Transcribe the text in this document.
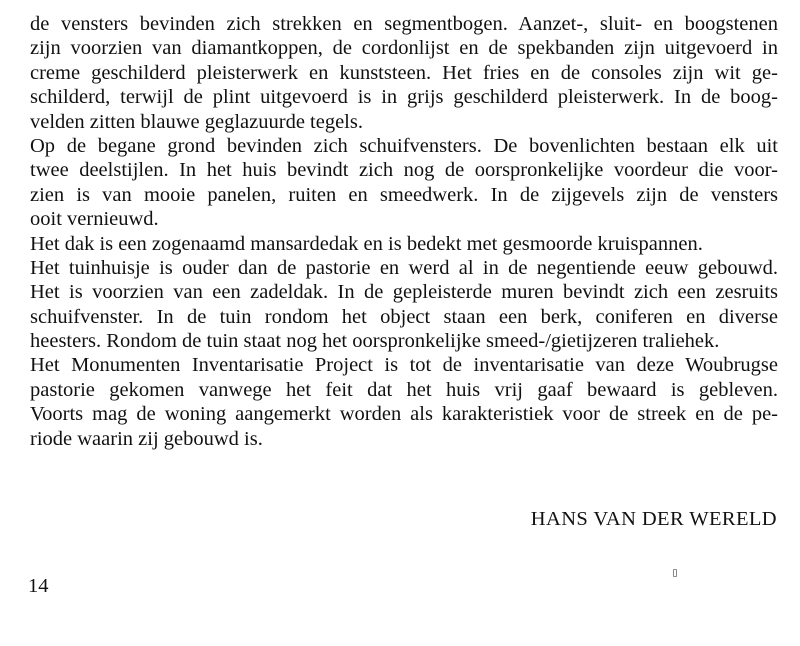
de vensters bevinden zich strekken en segmentbogen. Aanzet-, sluit- en boogstenen
zijn voorzien van diamantkoppen, de cordonlijst en de spekbanden zijn uitgevoerd in
creme geschilderd pleisterwerk en kunststeen. Het fries en de consoles zijn wit ge-
schilderd, terwijl de plint uitgevoerd is in grijs geschilderd pleisterwerk. In de boog-
velden zitten blauwe geglazuurde tegels.
Op de begane grond bevinden zich schuifvensters. De bovenlichten bestaan elk uit
twee deelstijlen. In het huis bevindt zich nog de oorspronkelijke voordeur die voor-
zien is van mooie panelen, ruiten en smeedwerk. In de zijgevels zijn de vensters
ooit vernieuwd.
Het dak is een zogenaamd mansardedak en is bedekt met gesmoorde kruispannen.
Het tuinhuisje is ouder dan de pastorie en werd al in de negentiende eeuw gebouwd.
Het is voorzien van een zadeldak. In de gepleisterde muren bevindt zich een zesruits
schuifvenster. In de tuin rondom het object staan een berk, coniferen en diverse
heesters. Rondom de tuin staat nog het oorspronkelijke smeed-/gietijzeren traliehek.
Het Monumenten Inventarisatie Project is tot de inventarisatie van deze Woubrugse
pastorie gekomen vanwege het feit dat het huis vrij gaaf bewaard is gebleven.
Voorts mag de woning aangemerkt worden als karakteristiek voor de streek en de pe-
riode waarin zij gebouwd is.
HANS VAN DER WERELD
14
